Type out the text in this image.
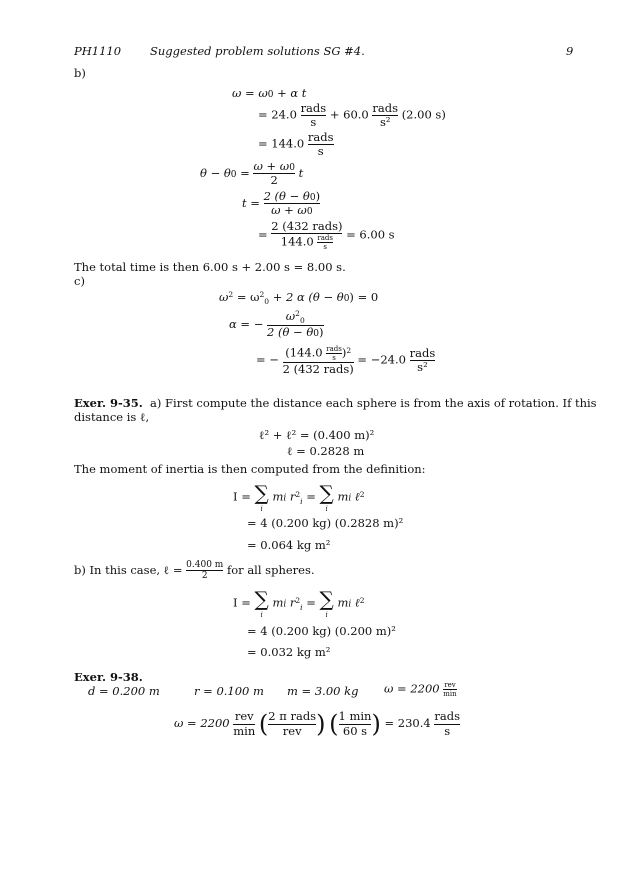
PH1110	Suggested problem solutions SG #4.	9
b)
ω = ω0 + α t
= $24.0 \frac{\text{rads}}{s} + 60.0 \frac{\text{rads}}{\text{s²}} (2.00$ s)
= $144.0 \frac{\text{rads}}{s}$
$\theta - \theta 0 = \frac{\omega + \omega 0}{2}$ t
$t = \frac{2 (\theta - \theta 0)}{\omega + \omega 0}$
= $\frac{\text{2 (432 rads)}}{144.0 \frac{\text{rads}}{s}} = 6.00$ s
The total time is then 6.00 s + 2.00 s = 8.00 s.
c)
$\omega^2 = \omega^2_0 + 2$ α (θ − θ0) = 0
α = − $\frac{\omega^2_0}{2 (\theta - \theta 0)}$
= − $\frac{(144.0 \frac{\text{rads}}{s} )^2}{\text{2 (432 rads)}} = -24.0 \frac{\text{rads}}{\text{s²}}$
Exer. 9-35. a) First compute the distance each sphere is from the axis of rotation. If this
distance is ℓ,
ℓ² + ℓ² = (0.400 m)²
ℓ = 0.2828 m
The moment of inertia is then computed from the definition:
I = ∑
i
mi $r^2_i$ = ∑
i
mi ℓ$^2$
= 4 (0.200 kg) (0.2828 m)²
= 0.064 kg m²
b) In this case, ℓ = $\frac{0.400 m}{2}$ for all spheres.
I = ∑
i
mi $r^2_i$ = ∑
i
mi ℓ$^2$
= 4 (0.200 kg) (0.200 m)²
= 0.032 kg m²
Exer. 9-38.
d = 0.200 m	r = 0.100 m m = 3.00 kg $\omega = 2200 \frac{\text{rev}}{\min}$
$\omega = 2200 \frac{\text{rev}}{\min}$ ( $\frac{\text{2 π rads}}{\text{rev}}$ ) ( $\frac{1 \min}{60 s}$ ) = $230.4 \frac{\text{rads}}{s}$
